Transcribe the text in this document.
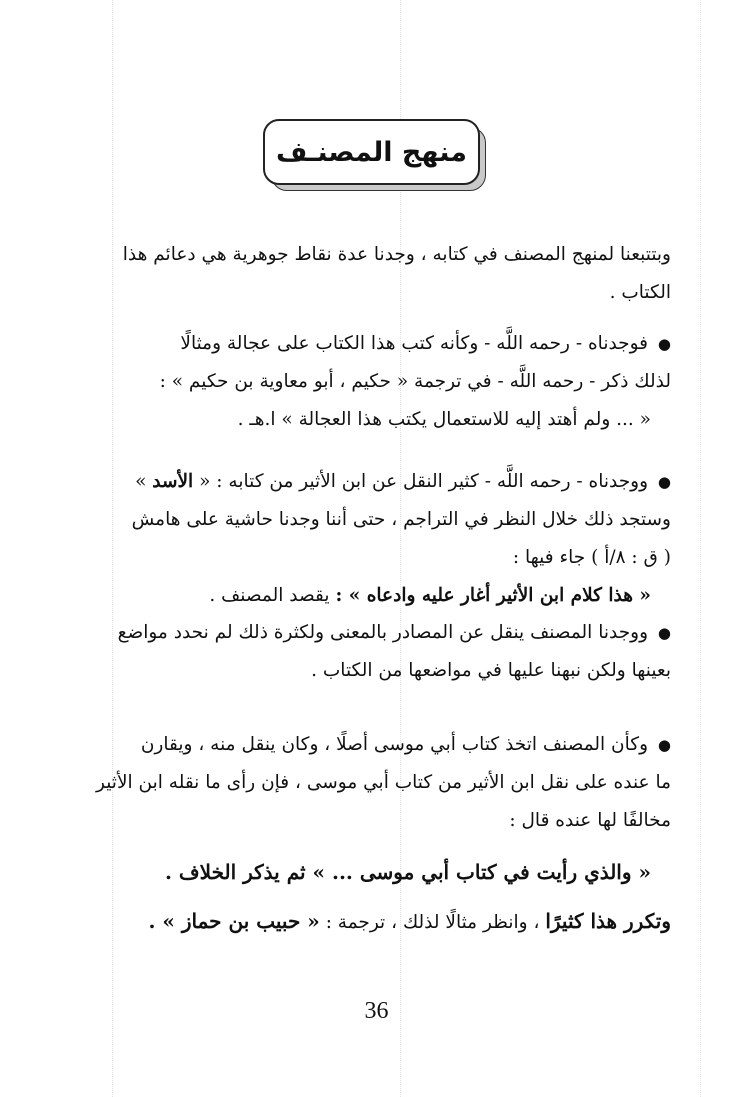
منهج المصنـف

وبتتبعنا لمنهج المصنف في كتابه ، وجدنا عدة نقاط جوهرية هي دعائم هذا

الكتاب .

● فوجدناه - رحمه اللَّه - وكأنه كتب هذا الكتاب على عجالة ومثالًا

لذلك ذكر - رحمه اللَّه - في ترجمة « حكيم ، أبو معاوية بن حكيم » :

« ... ولم أهتد إليه للاستعمال يكتب هذا العجالة » ا.هـ .

● ووجدناه - رحمه اللَّه - كثير النقل عن ابن الأثير من كتابه : « الأسد »

وستجد ذلك خلال النظر في التراجم ، حتى أننا وجدنا حاشية على هامش

( ق : ٨/أ ) جاء فيها :

« هذا كلام ابن الأثير أغار عليه وادعاه » : يقصد المصنف .

● ووجدنا المصنف ينقل عن المصادر بالمعنى ولكثرة ذلك لم نحدد مواضع

بعينها ولكن نبهنا عليها في مواضعها من الكتاب .

● وكأن المصنف اتخذ كتاب أبي موسى أصلًا ، وكان ينقل منه ، ويقارن

ما عنده على نقل ابن الأثير من كتاب أبي موسى ، فإن رأى ما نقله ابن الأثير

مخالفًا لها عنده قال :

« والذي رأيت في كتاب أبي موسى ... » ثم يذكر الخلاف .

وتكرر هذا كثيرًا ، وانظر مثالًا لذلك ، ترجمة : « حبيب بن حماز » .

36
